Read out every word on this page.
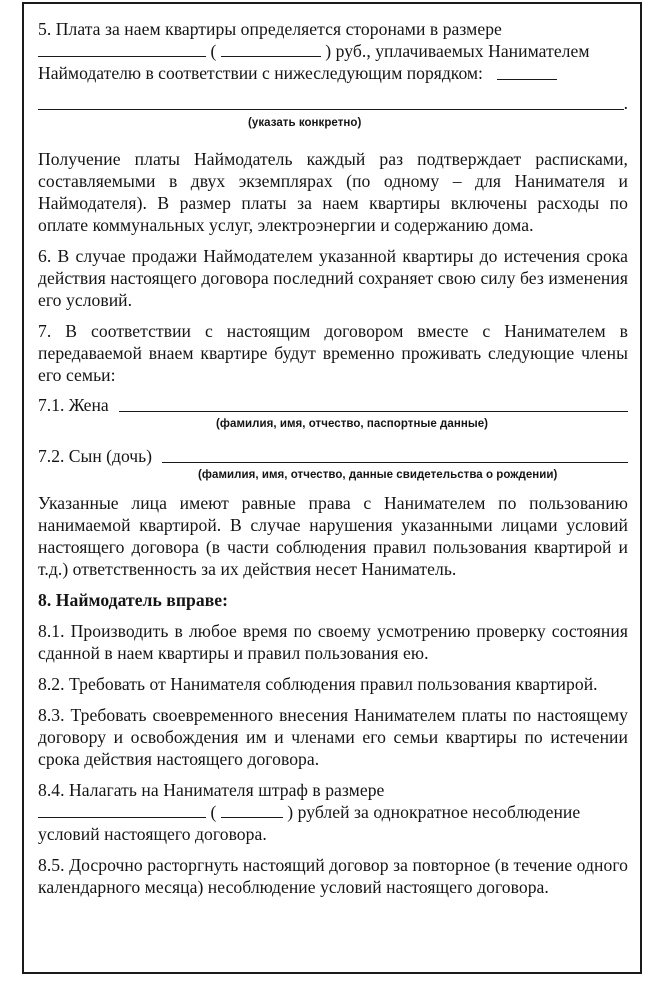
5. Плата за наем квартиры определяется сторонами в размере

(	) руб., уплачиваемых Нанимателем

Наймодателю в соответствии с нижеследующим порядком:
.

(указать конкретно)

Получение платы Наймодатель каждый раз подтверждает расписками, составляемыми в двух экземплярах (по одному – для Нанимателя и Наймодателя). В размер платы за наем квартиры включены расходы по оплате коммунальных услуг, электроэнергии и содержанию дома.

6. В случае продажи Наймодателем указанной квартиры до истечения срока действия настоящего договора последний сохраняет свою силу без изменения его условий.

7. В соответствии с настоящим договором вместе с Нанимателем в передаваемой внаем квартире будут временно проживать следующие члены его семьи:

7.1. Жена

(фамилия, имя, отчество, паспортные данные)

7.2. Сын (дочь)

(фамилия, имя, отчество, данные свидетельства о рождении)

Указанные лица имеют равные права с Нанимателем по пользованию нанимаемой квартирой. В случае нарушения указанными лицами условий настоящего договора (в части соблюдения правил пользования квартирой и т.д.) ответственность за их действия несет Наниматель.

8. Наймодатель вправе:

8.1. Производить в любое время по своему усмотрению проверку состояния сданной в наем квартиры и правил пользования ею.

8.2. Требовать от Нанимателя соблюдения правил пользования квартирой.

8.3. Требовать своевременного внесения Нанимателем платы по настоящему договору и освобождения им и членами его семьи квартиры по истечении срока действия настоящего договора.

8.4. Налагать на Нанимателя штраф в размере

(	) рублей за однократное несоблюдение

условий настоящего договора.

8.5. Досрочно расторгнуть настоящий договор за повторное (в течение одного календарного месяца) несоблюдение условий настоящего договора.
